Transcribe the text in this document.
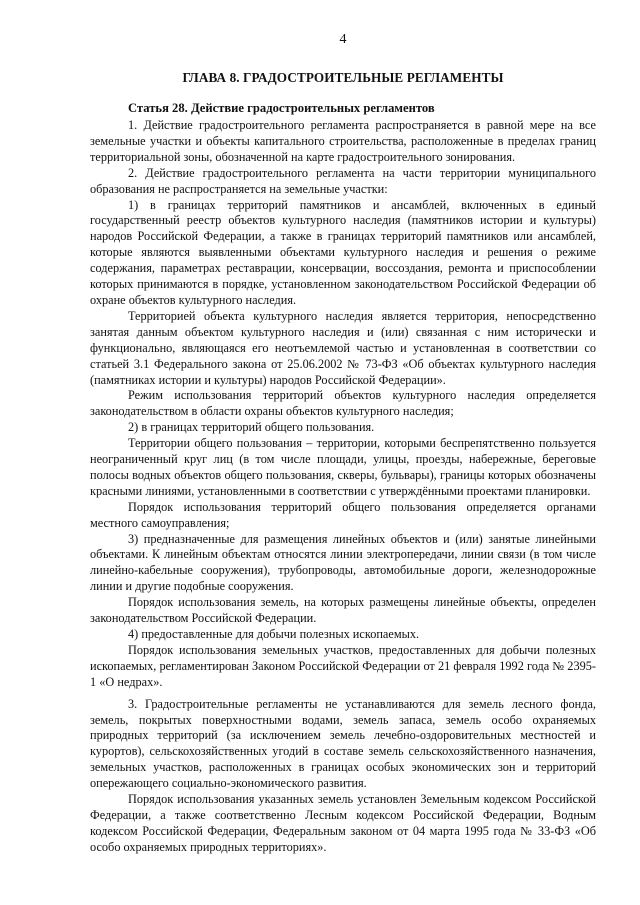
4
ГЛАВА 8. ГРАДОСТРОИТЕЛЬНЫЕ РЕГЛАМЕНТЫ
Статья 28. Действие градостроительных регламентов

1. Действие градостроительного регламента распространяется в равной мере на все земельные участки и объекты капитального строительства, расположенные в пределах границ территориальной зоны, обозначенной на карте градостроительного зонирования.

2. Действие градостроительного регламента на части территории муниципального образования не распространяется на земельные участки:

1) в границах территорий памятников и ансамблей, включенных в единый государственный реестр объектов культурного наследия (памятников истории и культуры) народов Российской Федерации, а также в границах территорий памятников или ансамблей, которые являются выявленными объектами культурного наследия и решения о режиме содержания, параметрах реставрации, консервации, воссоздания, ремонта и приспособлении которых принимаются в порядке, установленном законодательством Российской Федерации об охране объектов культурного наследия.

Территорией объекта культурного наследия является территория, непосредственно занятая данным объектом культурного наследия и (или) связанная с ним исторически и функционально, являющаяся его неотъемлемой частью и установленная в соответствии со статьей 3.1 Федерального закона от 25.06.2002 № 73-ФЗ «Об объектах культурного наследия (памятниках истории и культуры) народов Российской Федерации».

Режим использования территорий объектов культурного наследия определяется законодательством в области охраны объектов культурного наследия;

2) в границах территорий общего пользования.

Территории общего пользования – территории, которыми беспрепятственно пользуется неограниченный круг лиц (в том числе площади, улицы, проезды, набережные, береговые полосы водных объектов общего пользования, скверы, бульвары), границы которых обозначены красными линиями, установленными в соответствии с утверждёнными проектами планировки.

Порядок использования территорий общего пользования определяется органами местного самоуправления;

3) предназначенные для размещения линейных объектов и (или) занятые линейными объектами. К линейным объектам относятся линии электропередачи, линии связи (в том числе линейно-кабельные сооружения), трубопроводы, автомобильные дороги, железнодорожные линии и другие подобные сооружения.

Порядок использования земель, на которых размещены линейные объекты, определен законодательством Российской Федерации.

4) предоставленные для добычи полезных ископаемых.

Порядок использования земельных участков, предоставленных для добычи полезных ископаемых, регламентирован Законом Российской Федерации от 21 февраля 1992 года № 2395-1 «О недрах».

3. Градостроительные регламенты не устанавливаются для земель лесного фонда, земель, покрытых поверхностными водами, земель запаса, земель особо охраняемых природных территорий (за исключением земель лечебно-оздоровительных местностей и курортов), сельскохозяйственных угодий в составе земель сельскохозяйственного назначения, земельных участков, расположенных в границах особых экономических зон и территорий опережающего социально-экономического развития.

Порядок использования указанных земель установлен Земельным кодексом Российской Федерации, а также соответственно Лесным кодексом Российской Федерации, Водным кодексом Российской Федерации, Федеральным законом от 04 марта 1995 года № 33-ФЗ «Об особо охраняемых природных территориях».
